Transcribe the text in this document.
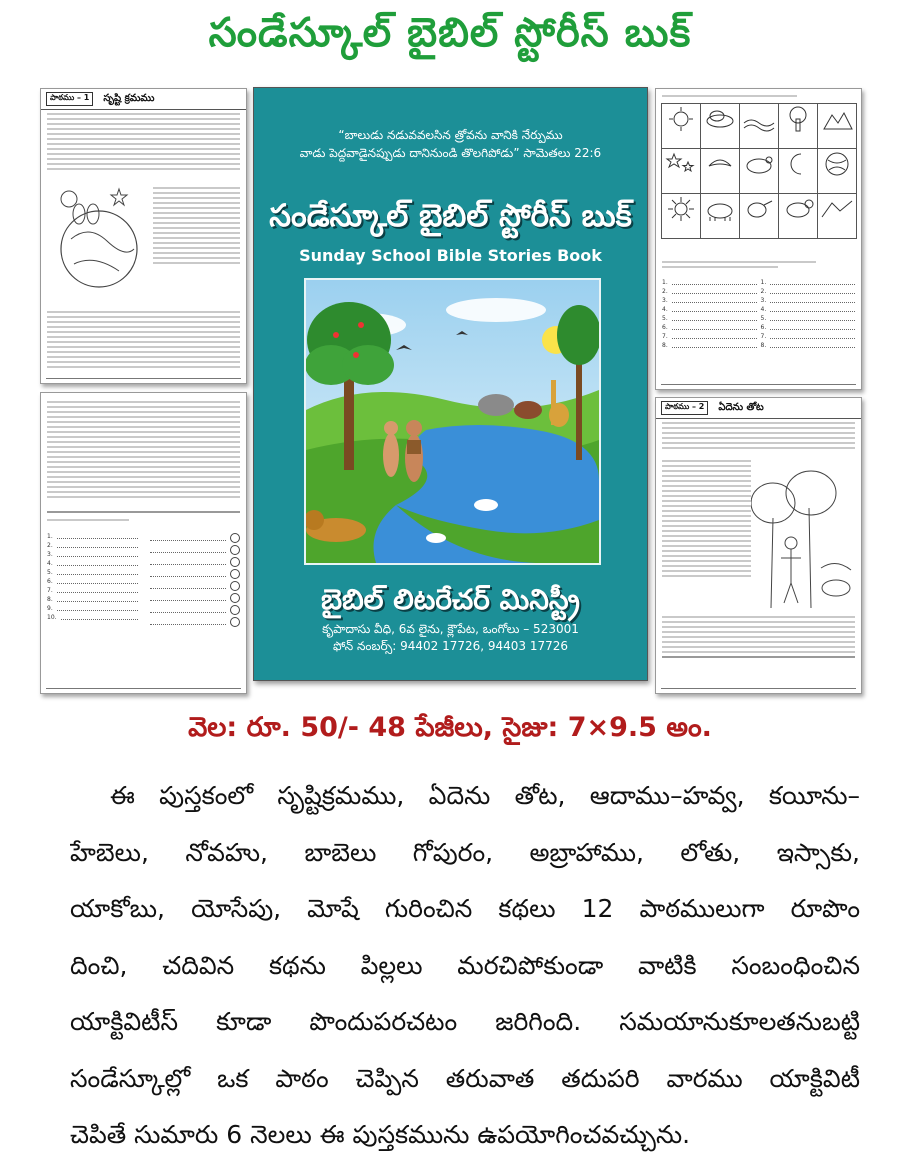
సండేస్కూల్ బైబిల్ స్టోరీస్ బుక్
పాఠము – 1	సృష్టి క్రమము
1.
2.
3.
4.
5.
6.
7.
8.
9.
10.
“బాలుడు నడువవలసిన త్రోవను వానికి నేర్పుము
వాడు పెద్దవాడైనప్పుడు దానినుండి తొలగిపోడు” సామెతలు 22:6
సండేస్కూల్ బైబిల్ స్టోరీస్ బుక్
Sunday School Bible Stories Book
బైబిల్ లిటరేచర్ మినిస్ట్రీ
కృపాదాసు వీధి, 6వ లైను, క్లౌపేట, ఒంగోలు – 523001
ఫోన్ నంబర్స్: 94402 17726, 94403 17726
1.	1.
2.	2.
3.	3.
4.	4.
5.	5.
6.	6.
7.	7.
8.	8.
పాఠము – 2	ఏదెను తోట
వెల: రూ. 50/- 48 పేజీలు, సైజు: 7×9.5 అం.
ఈ పుస్తకంలో సృష్టిక్రమము, ఏదెను తోట, ఆదాము–హవ్వ, కయీను–
హేబెలు, నోవహు, బాబెలు గోపురం, అబ్రాహాము, లోతు, ఇస్సాకు,
యాకోబు, యోసేపు, మోషే గురించిన కథలు 12 పాఠములుగా రూపొం
దించి, చదివిన కథను పిల్లలు మరచిపోకుండా వాటికి సంబంధించిన
యాక్టివిటీస్ కూడా పొందుపరచటం జరిగింది. సమయానుకూలతనుబట్టి
సండేస్కూల్లో ఒక పాఠం చెప్పిన తరువాత తదుపరి వారము యాక్టివిటీ
చెపితే సుమారు 6 నెలలు ఈ పుస్తకమును ఉపయోగించవచ్చును.
